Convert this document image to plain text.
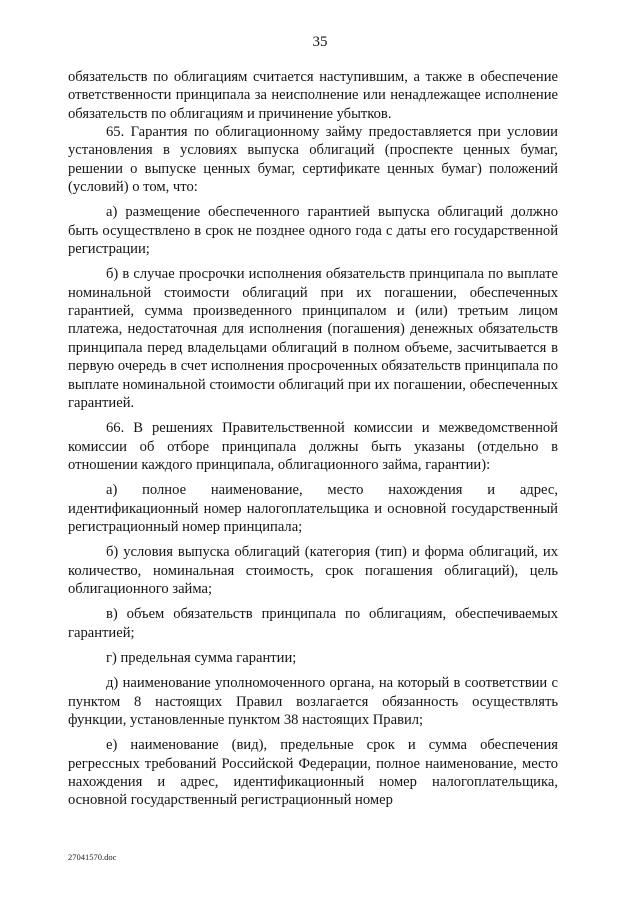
35

обязательств по облигациям считается наступившим, а также в обеспечение ответственности принципала за неисполнение или ненадлежащее исполнение обязательств по облигациям и причинение убытков.

65. Гарантия по облигационному займу предоставляется при условии установления в условиях выпуска облигаций (проспекте ценных бумаг, решении о выпуске ценных бумаг, сертификате ценных бумаг) положений (условий) о том, что:

а) размещение обеспеченного гарантией выпуска облигаций должно быть осуществлено в срок не позднее одного года с даты его государственной регистрации;

б) в случае просрочки исполнения обязательств принципала по выплате номинальной стоимости облигаций при их погашении, обеспеченных гарантией, сумма произведенного принципалом и (или) третьим лицом платежа, недостаточная для исполнения (погашения) денежных обязательств принципала перед владельцами облигаций в полном объеме, засчитывается в первую очередь в счет исполнения просроченных обязательств принципала по выплате номинальной стоимости облигаций при их погашении, обеспеченных гарантией.

66. В решениях Правительственной комиссии и межведомственной комиссии об отборе принципала должны быть указаны (отдельно в отношении каждого принципала, облигационного займа, гарантии):

а) полное наименование, место нахождения и адрес, идентификационный номер налогоплательщика и основной государственный регистрационный номер принципала;

б) условия выпуска облигаций (категория (тип) и форма облигаций, их количество, номинальная стоимость, срок погашения облигаций), цель облигационного займа;

в) объем обязательств принципала по облигациям, обеспечиваемых гарантией;

г) предельная сумма гарантии;

д) наименование уполномоченного органа, на который в соответствии с пунктом 8 настоящих Правил возлагается обязанность осуществлять функции, установленные пунктом 38 настоящих Правил;

е) наименование (вид), предельные срок и сумма обеспечения регрессных требований Российской Федерации, полное наименование, место нахождения и адрес, идентификационный номер налогоплательщика, основной государственный регистрационный номер

27041570.doc
